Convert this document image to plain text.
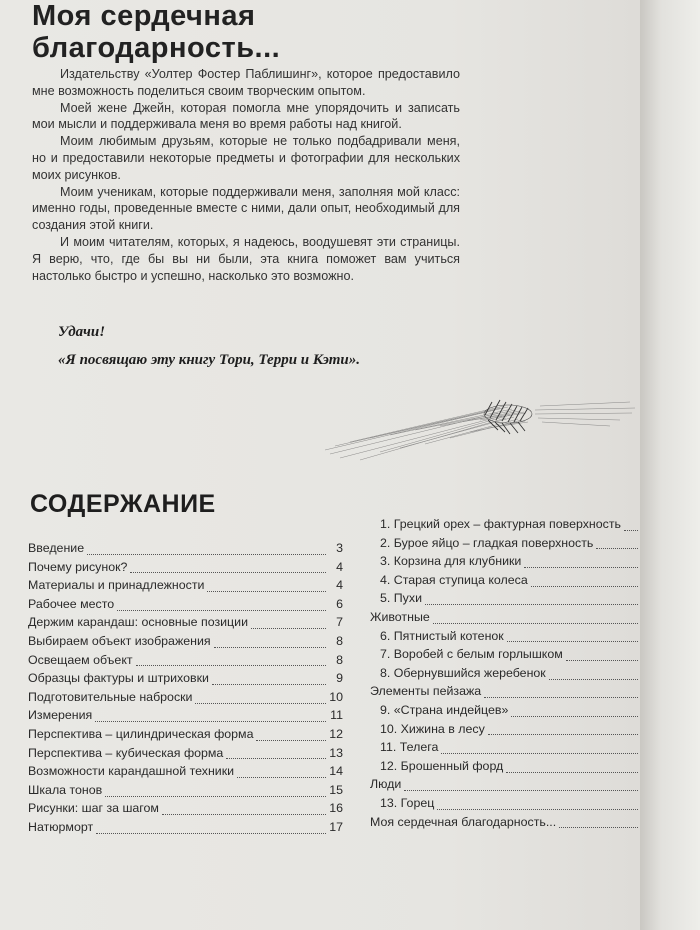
Моя сердечная
благодарность...

Издательству «Уолтер Фостер Паблишинг», которое предоставило мне возможность поделиться своим творческим опытом.

Моей жене Джейн, которая помогла мне упорядочить и записать мои мысли и поддерживала меня во время работы над книгой.

Моим любимым друзьям, которые не только подбадривали меня, но и предоставили некоторые предметы и фотографии для нескольких моих рисунков.

Моим ученикам, которые поддерживали меня, заполняя мой класс: именно годы, проведенные вместе с ними, дали опыт, необходимый для создания этой книги.

И моим читателям, которых, я надеюсь, воодушевят эти страницы. Я верю, что, где бы вы ни были, эта книга поможет вам учиться настолько быстро и успешно, насколько это возможно.

Удачи!
«Я посвящаю эту книгу Тори, Терри и Кэти».
СОДЕРЖАНИЕ
Введение	3
Почему рисунок?	4
Материалы и принадлежности	4
Рабочее место	6
Держим карандаш: основные позиции	7
Выбираем объект изображения	8
Освещаем объект	8
Образцы фактуры и штриховки	9
Подготовительные наброски	10
Измерения	11
Перспектива – цилиндрическая форма	12
Перспектива – кубическая форма	13
Возможности карандашной техники	14
Шкала тонов	15
Рисунки: шаг за шагом	16
Натюрморт	17
1. Грецкий орех – фактурная поверхность
2. Бурое яйцо – гладкая поверхность
3. Корзина для клубники
4. Старая ступица колеса
5. Пухи
Животные
6. Пятнистый котенок
7. Воробей с белым горлышком
8. Обернувшийся жеребенок
Элементы пейзажа
9. «Страна индейцев»
10. Хижина в лесу
11. Телега
12. Брошенный форд
Люди
13. Горец
Моя сердечная благодарность...
